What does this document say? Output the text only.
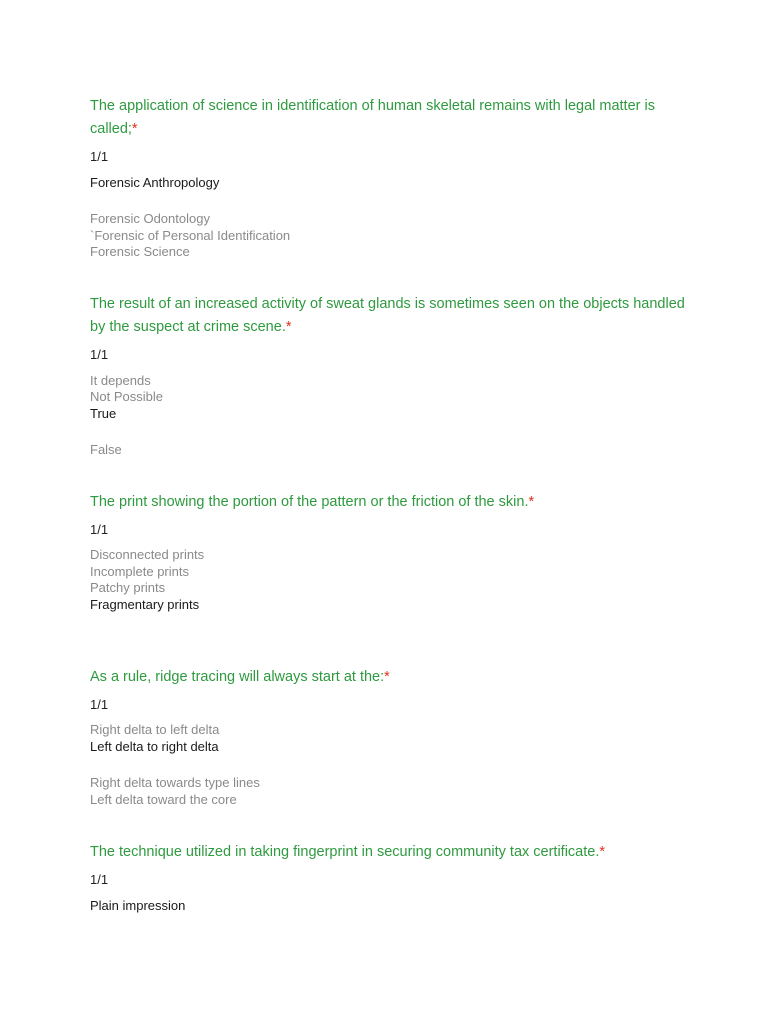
The application of science in identification of human skeletal remains with legal matter is called;*

1/1

Forensic Anthropology
Forensic Odontology
`Forensic of Personal Identification
Forensic Science

The result of an increased activity of sweat glands is sometimes seen on the objects handled by the suspect at crime scene.*

1/1

It depends
Not Possible
True
False

The print showing the portion of the pattern or the friction of the skin.*

1/1

Disconnected prints
Incomplete prints
Patchy prints
Fragmentary prints

As a rule, ridge tracing will always start at the:*

1/1

Right delta to left delta
Left delta to right delta
Right delta towards type lines
Left delta toward the core

The technique utilized in taking fingerprint in securing community tax certificate.*

1/1

Plain impression
